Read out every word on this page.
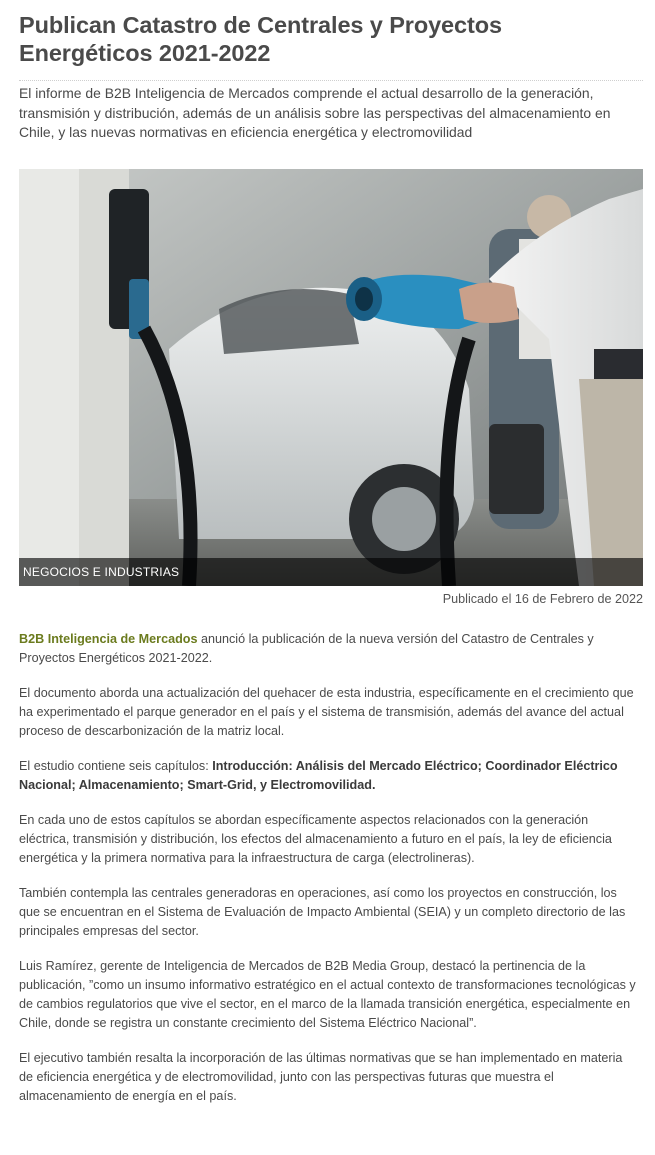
Publican Catastro de Centrales y Proyectos Energéticos 2021-2022

El informe de B2B Inteligencia de Mercados comprende el actual desarrollo de la generación, transmisión y distribución, además de un análisis sobre las perspectivas del almacenamiento en Chile, y las nuevas normativas en eficiencia energética y electromovilidad

NEGOCIOS E INDUSTRIAS

Publicado el 16 de Febrero de 2022

B2B Inteligencia de Mercados anunció la publicación de la nueva versión del Catastro de Centrales y Proyectos Energéticos 2021-2022.

El documento aborda una actualización del quehacer de esta industria, específicamente en el crecimiento que ha experimentado el parque generador en el país y el sistema de transmisión, además del avance del actual proceso de descarbonización de la matriz local.

El estudio contiene seis capítulos: Introducción: Análisis del Mercado Eléctrico; Coordinador Eléctrico Nacional; Almacenamiento; Smart-Grid, y Electromovilidad.

En cada uno de estos capítulos se abordan específicamente aspectos relacionados con la generación eléctrica, transmisión y distribución, los efectos del almacenamiento a futuro en el país, la ley de eficiencia energética y la primera normativa para la infraestructura de carga (electrolineras).

También contempla las centrales generadoras en operaciones, así como los proyectos en construcción, los que se encuentran en el Sistema de Evaluación de Impacto Ambiental (SEIA) y un completo directorio de las principales empresas del sector.

Luis Ramírez, gerente de Inteligencia de Mercados de B2B Media Group, destacó la pertinencia de la publicación, ”como un insumo informativo estratégico en el actual contexto de transformaciones tecnológicas y de cambios regulatorios que vive el sector, en el marco de la llamada transición energética, especialmente en Chile, donde se registra un constante crecimiento del Sistema Eléctrico Nacional”.

El ejecutivo también resalta la incorporación de las últimas normativas que se han implementado en materia de eficiencia energética y de electromovilidad, junto con las perspectivas futuras que muestra el almacenamiento de energía en el país.
